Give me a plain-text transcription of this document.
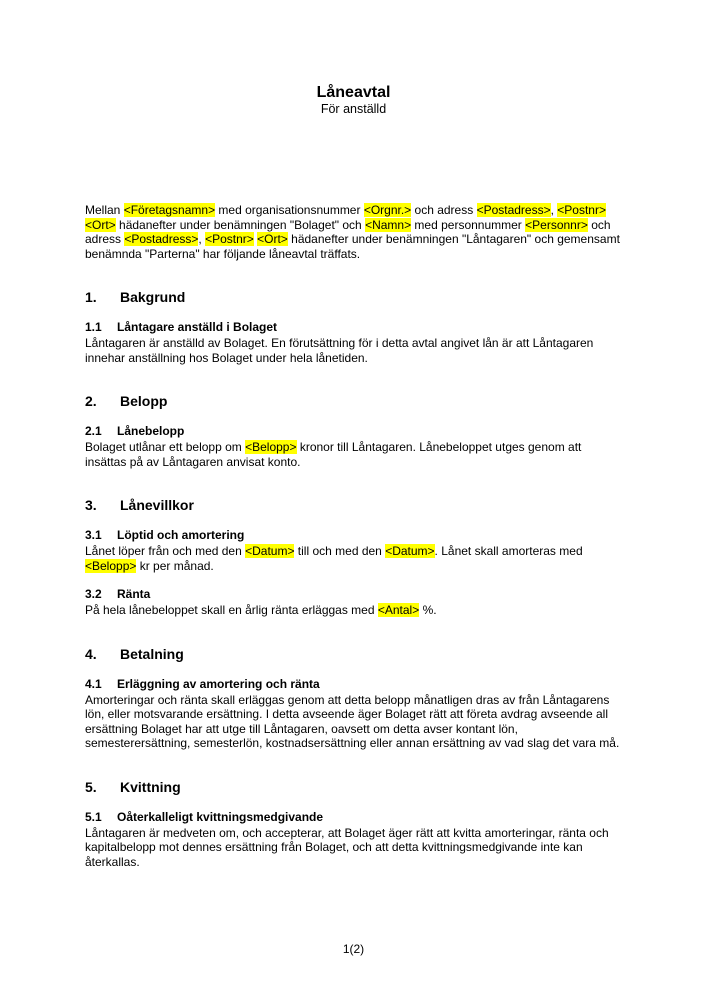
Låneavtal
För anställd

Mellan <Företagsnamn> med organisationsnummer <Orgnr.> och adress <Postadress>, <Postnr> <Ort> hädanefter under benämningen "Bolaget" och <Namn> med personnummer <Personnr> och adress <Postadress>, <Postnr> <Ort> hädanefter under benämningen "Låntagaren" och gemensamt benämnda "Parterna" har följande låneavtal träffats.

1. Bakgrund
1.1 Låntagare anställd i Bolaget

Låntagaren är anställd av Bolaget. En förutsättning för i detta avtal angivet lån är att Låntagaren innehar anställning hos Bolaget under hela lånetiden.

2. Belopp
2.1 Lånebelopp

Bolaget utlånar ett belopp om <Belopp> kronor till Låntagaren. Lånebeloppet utges genom att insättas på av Låntagaren anvisat konto.

3. Lånevillkor
3.1 Löptid och amortering

Lånet löper från och med den <Datum> till och med den <Datum>. Lånet skall amorteras med <Belopp> kr per månad.

3.2 Ränta

På hela lånebeloppet skall en årlig ränta erläggas med <Antal> %.

4. Betalning
4.1 Erläggning av amortering och ränta

Amorteringar och ränta skall erläggas genom att detta belopp månatligen dras av från Låntagarens lön, eller motsvarande ersättning. I detta avseende äger Bolaget rätt att företa avdrag avseende all ersättning Bolaget har att utge till Låntagaren, oavsett om detta avser kontant lön, semesterersättning, semesterlön, kostnadsersättning eller annan ersättning av vad slag det vara må.

5. Kvittning
5.1 Oåterkalleligt kvittningsmedgivande

Låntagaren är medveten om, och accepterar, att Bolaget äger rätt att kvitta amorteringar, ränta och kapitalbelopp mot dennes ersättning från Bolaget, och att detta kvittningsmedgivande inte kan återkallas.

1(2)
